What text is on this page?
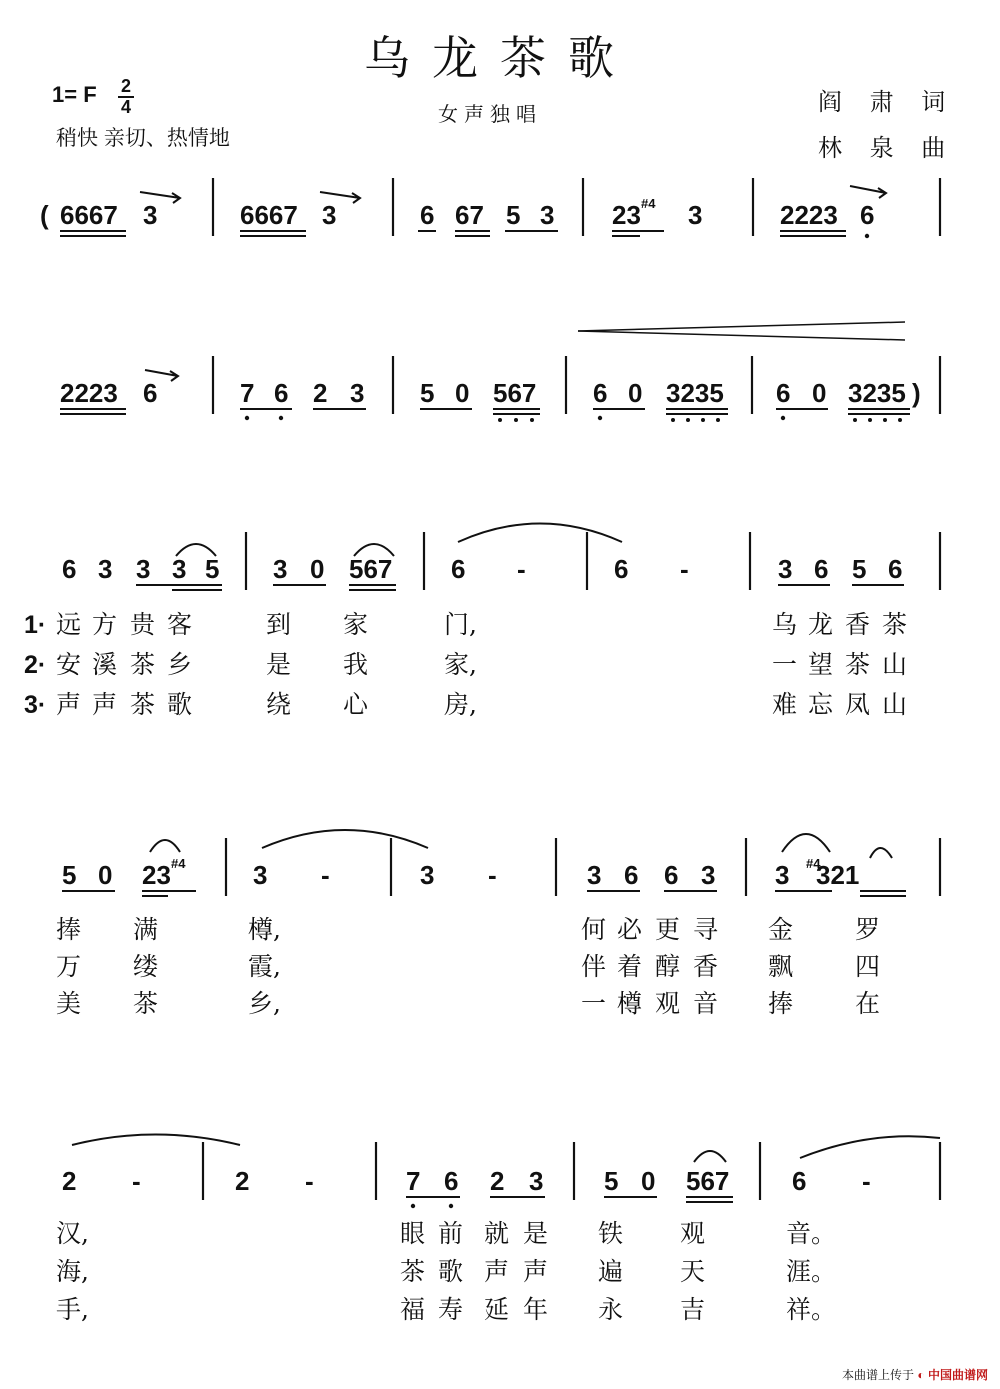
乌龙茶歌
1= F 2
4
稍快 亲切、热情地
女声独唱	阎 肃 词
林 泉 曲
( 6667 3	6667 3	6 67 5 3 23 #4 3	2223 6
2223 6	7 6 2 3 5 0 567 6 0 3235 6 0 3235 )
6 3 3 3 5 3 0 567 6 -	6 -	3 6 5 6
1·
2·
3·
远 方 贵 客	到 家	门,	乌 龙 香 茶
安 溪 茶 乡	是 我	家,	一 望 茶 山
声 声 茶 歌	绕 心	房,	难 忘 凤 山
5 0 23 #4	3 -	3 -	3 6 6 3 3 #4
321
捧 满	樽,	何 必 更 寻 金 罗
万 缕	霞,	伴 着 醇 香 飘 四
美 茶	乡,	一 樽 观 音 捧 在
2 -	2 -	7 6 2 3 5 0 567 6 -
汉,	眼 前 就 是 铁 观	音。
海,	茶 歌 声 声 遍 天	涯。
手,	福 寿 延 年 永 吉	祥。
本曲谱上传于 ◐ 中国曲谱网
